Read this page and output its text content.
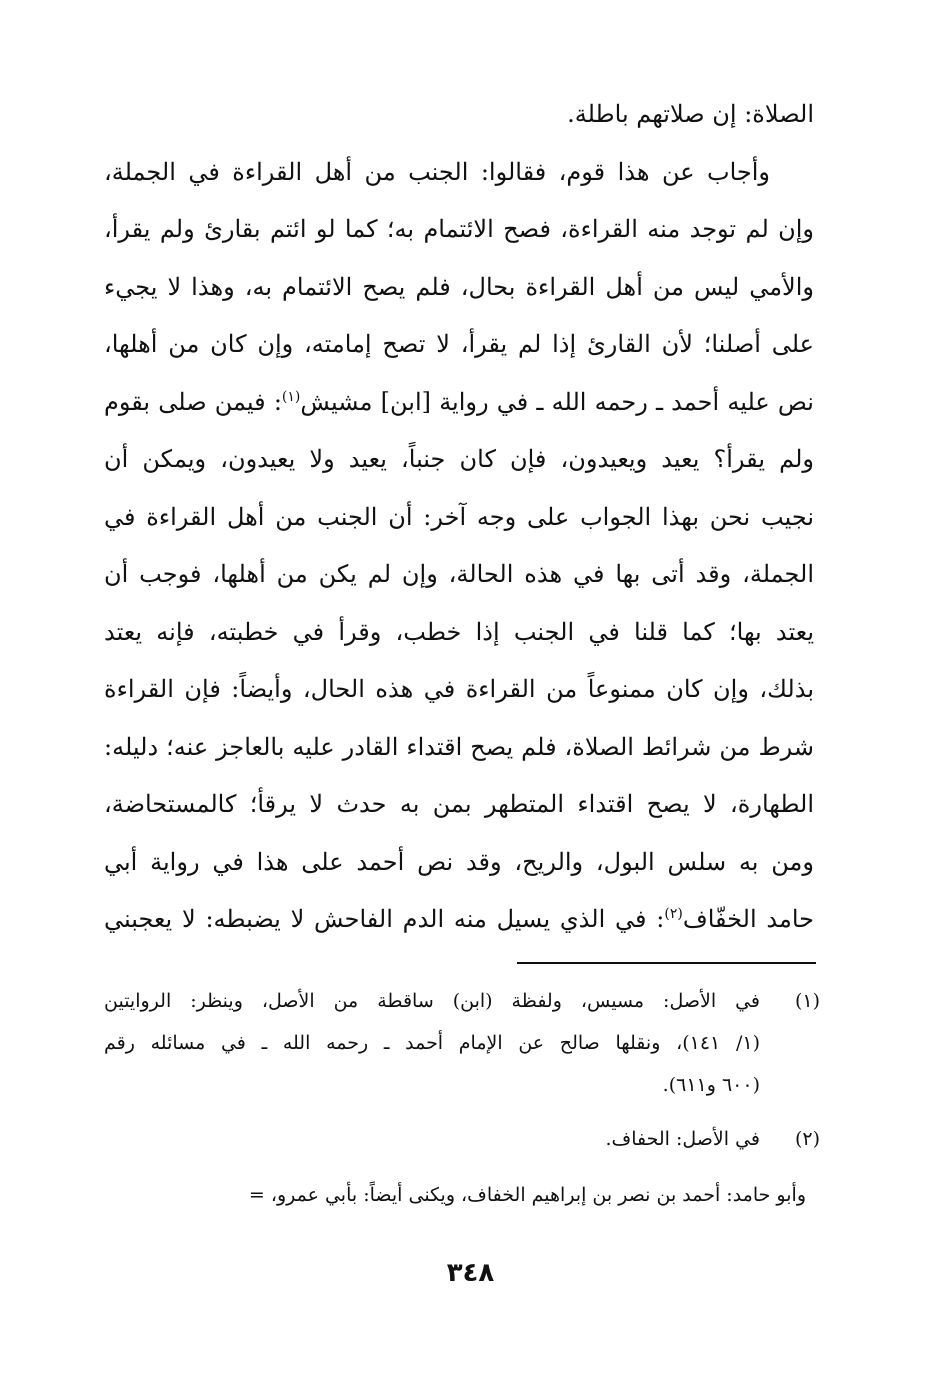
الصلاة: إن صلاتهم باطلة.
وأجاب عن هذا قوم، فقالوا: الجنب من أهل القراءة في الجملة،
وإن لم توجد منه القراءة، فصح الائتمام به؛ كما لو ائتم بقارئ ولم يقرأ،
والأمي ليس من أهل القراءة بحال، فلم يصح الائتمام به، وهذا لا يجيء
على أصلنا؛ لأن القارئ إذا لم يقرأ، لا تصح إمامته، وإن كان من أهلها،
نص عليه أحمد ـ رحمه الله ـ في رواية [ابن] مشيش$^{(١)}$: فيمن صلى بقوم
ولم يقرأ؟ يعيد ويعيدون، فإن كان جنباً، يعيد ولا يعيدون، ويمكن أن
نجيب نحن بهذا الجواب على وجه آخر: أن الجنب من أهل القراءة في
الجملة، وقد أتى بها في هذه الحالة، وإن لم يكن من أهلها، فوجب أن
يعتد بها؛ كما قلنا في الجنب إذا خطب، وقرأ في خطبته، فإنه يعتد
بذلك، وإن كان ممنوعاً من القراءة في هذه الحال، وأيضاً: فإن القراءة
شرط من شرائط الصلاة، فلم يصح اقتداء القادر عليه بالعاجز عنه؛ دليله:
الطهارة، لا يصح اقتداء المتطهر بمن به حدث لا يرقأ؛ كالمستحاضة،
ومن به سلس البول، والريح، وقد نص أحمد على هذا في رواية أبي
حامد الخفّاف$^{(٢)}$: في الذي يسيل منه الدم الفاحش لا يضبطه: لا يعجبني
(١)
في الأصل: مسيس، ولفظة (ابن) ساقطة من الأصل، وينظر: الروايتين
(١/ ١٤١)، ونقلها صالح عن الإمام أحمد ـ رحمه الله ـ في مسائله رقم
(٦٠٠ و٦١١).
(٢)
في الأصل: الحفاف.
وأبو حامد: أحمد بن نصر بن إبراهيم الخفاف، ويكنى أيضاً: بأبي عمرو، =
٣٤٨
